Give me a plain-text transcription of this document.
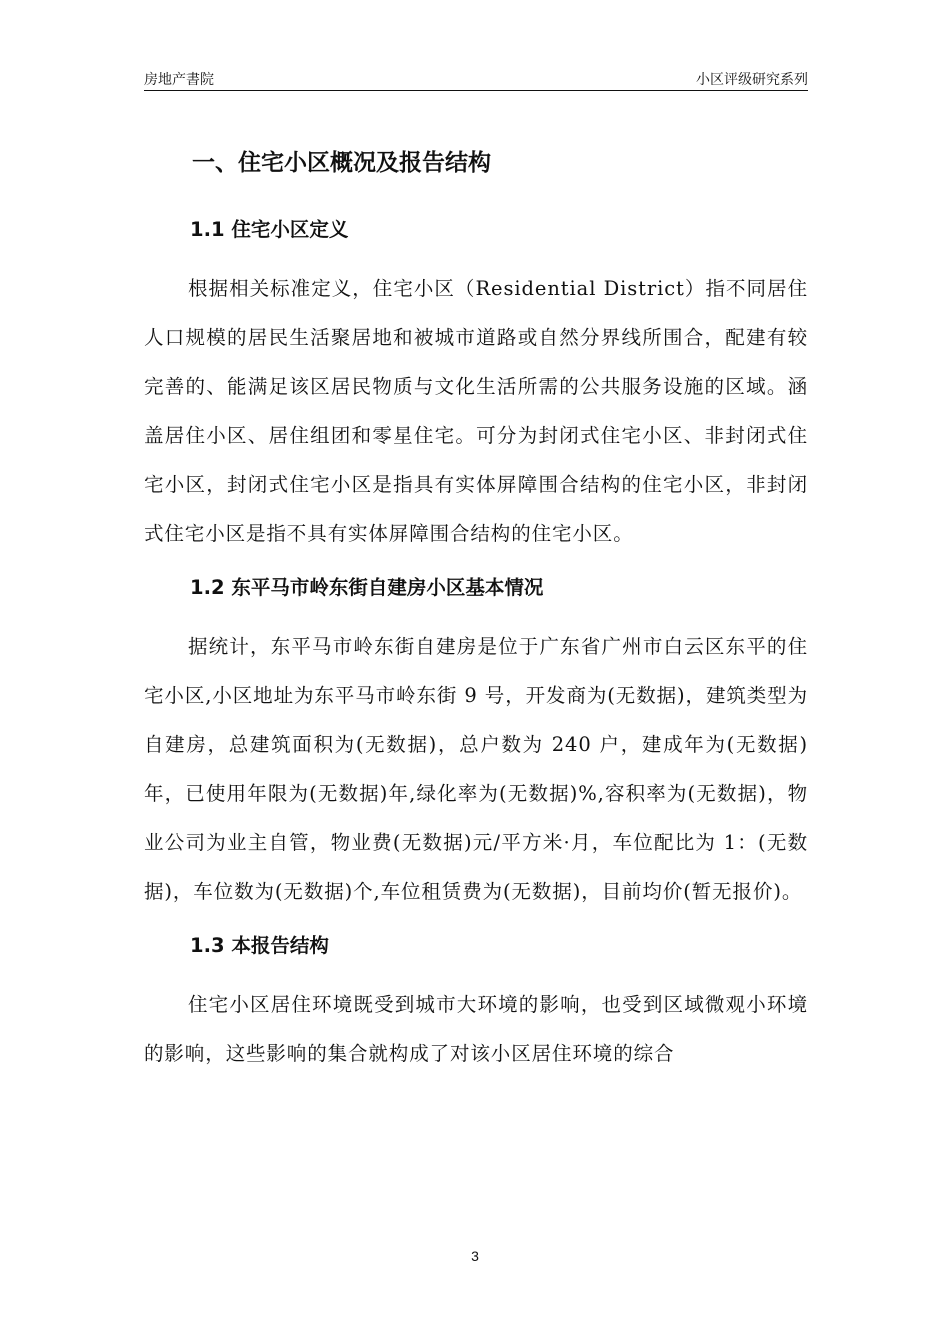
房地产書院	小区评级研究系列
一、住宅小区概况及报告结构
1.1 住宅小区定义

根据相关标准定义，住宅小区（Residential District）指不同居住人口规模的居民生活聚居地和被城市道路或自然分界线所围合，配建有较完善的、能满足该区居民物质与文化生活所需的公共服务设施的区域。涵盖居住小区、居住组团和零星住宅。可分为封闭式住宅小区、非封闭式住宅小区，封闭式住宅小区是指具有实体屏障围合结构的住宅小区，非封闭式住宅小区是指不具有实体屏障围合结构的住宅小区。

1.2 东平马市岭东街自建房小区基本情况

据统计，东平马市岭东街自建房是位于广东省广州市白云区东平的住宅小区,小区地址为东平马市岭东街 9 号，开发商为(无数据)，建筑类型为自建房，总建筑面积为(无数据)，总户数为 240 户，建成年为(无数据)年，已使用年限为(无数据)年,绿化率为(无数据)%,容积率为(无数据)，物业公司为业主自管，物业费(无数据)元/平方米·月，车位配比为 1：(无数据)，车位数为(无数据)个,车位租赁费为(无数据)，目前均价(暂无报价)。

1.3 本报告结构

住宅小区居住环境既受到城市大环境的影响，也受到区域微观小环境的影响，这些影响的集合就构成了对该小区居住环境的综合

3
